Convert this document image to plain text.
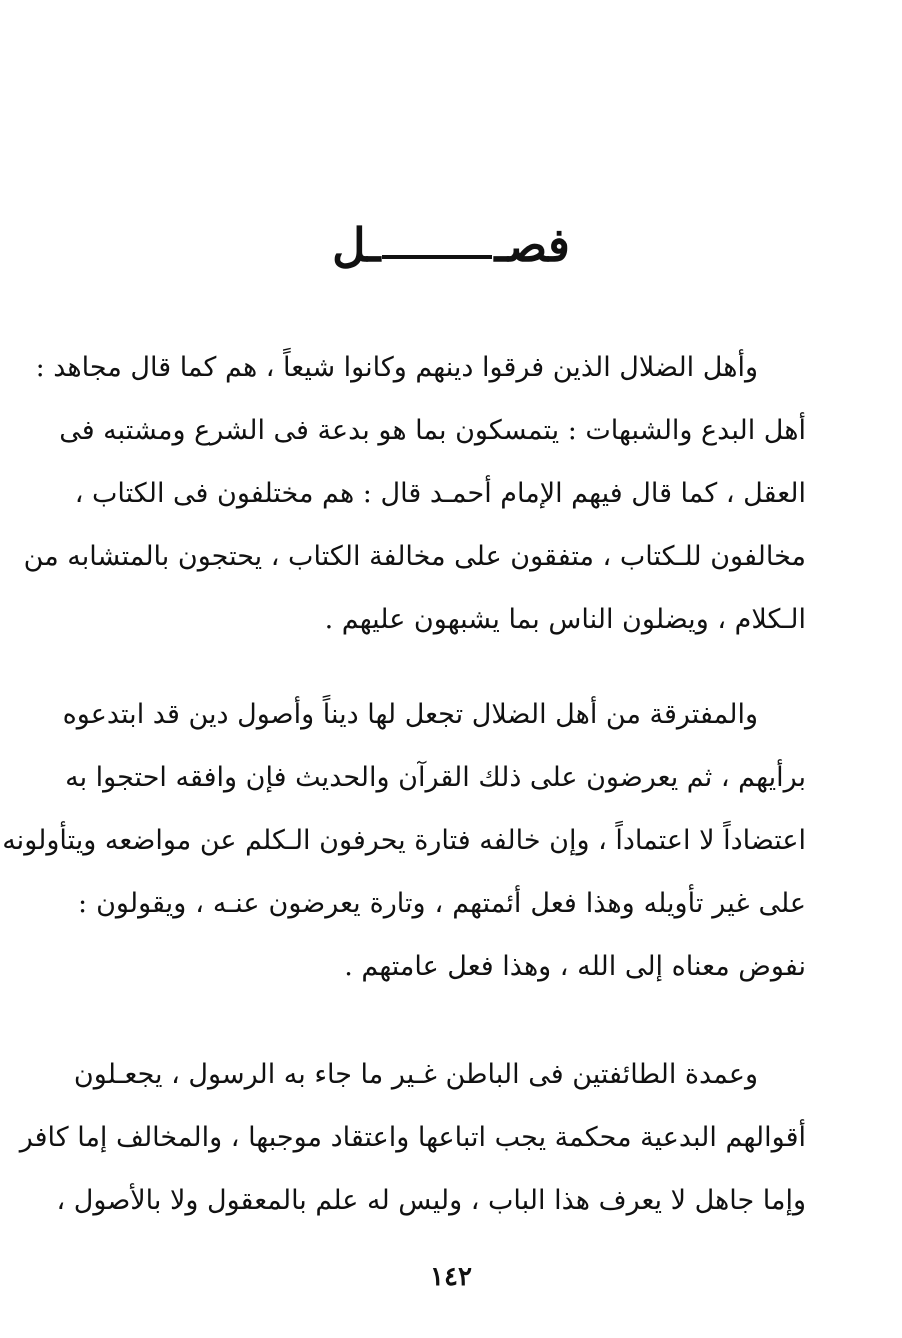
فصــل
وأهل الضلال الذين فرقوا دينهم وكانوا شيعاً ، هم كما قال مجاهد :
أهل البدع والشبهات : يتمسكون بما هو بدعة فى الشرع ومشتبه فى
العقل ، كما قال فيهم الإمام أحمـد قال : هم مختلفون فى الكتاب ،
مخالفون للـكتاب ، متفقون على مخالفة الكتاب ، يحتجون بالمتشابه من
الـكلام ، ويضلون الناس بما يشبهون عليهم .
والمفترقة من أهل الضلال تجعل لها ديناً وأصول دين قد ابتدعوه
برأيهم ، ثم يعرضون على ذلك القرآن والحديث فإن وافقه احتجوا به
اعتضاداً لا اعتماداً ، وإن خالفه فتارة يحرفون الـكلم عن مواضعه ويتأولونه
على غير تأويله وهذا فعل أئمتهم ، وتارة يعرضون عنـه ، ويقولون :
نفوض معناه إلى الله ، وهذا فعل عامتهم .
وعمدة الطائفتين فى الباطن غـير ما جاء به الرسول ، يجعـلون
أقوالهم البدعية محكمة يجب اتباعها واعتقاد موجبها ، والمخالف إما كافر
وإما جاهل لا يعرف هذا الباب ، وليس له علم بالمعقول ولا بالأصول ،
١٤٢
